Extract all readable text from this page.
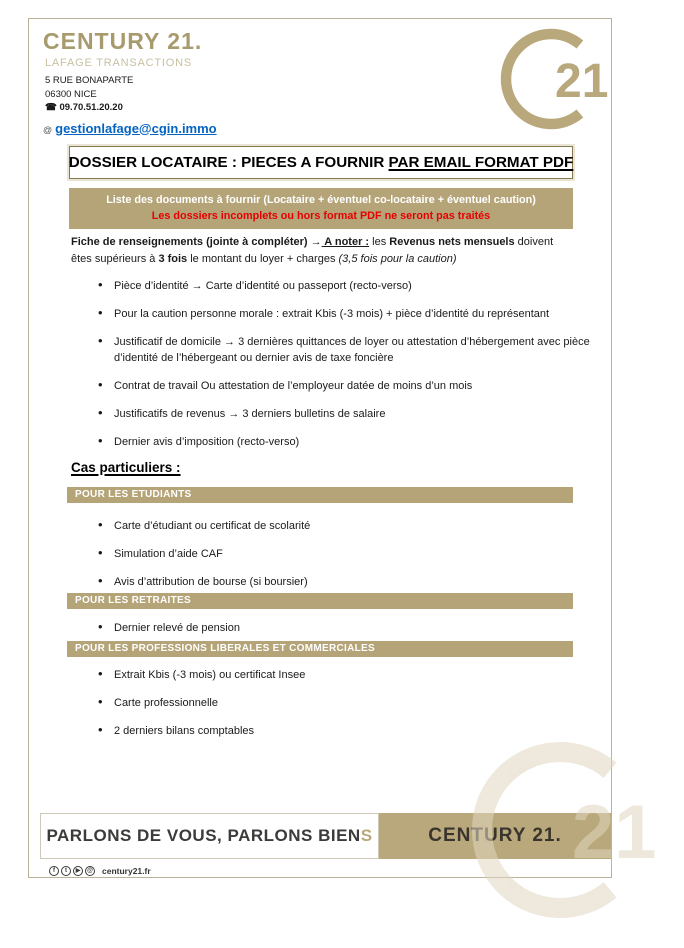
CENTURY 21.
LAFAGE TRANSACTIONS
5 RUE BONAPARTE
06300 NICE
☎ 09.70.51.20.20
@ gestionlafage@cgin.immo
21
DOSSIER LOCATAIRE : PIECES A FOURNIR PAR EMAIL FORMAT PDF
Liste des documents à fournir (Locataire + éventuel co-locataire + éventuel caution)
Les dossiers incomplets ou hors format PDF ne seront pas traités
Fiche de renseignements (jointe à compléter) → A noter : les Revenus nets mensuels doivent êtes supérieurs à 3 fois le montant du loyer + charges (3,5 fois pour la caution)
• Pièce d’identité → Carte d’identité ou passeport (recto-verso)
• Pour la caution personne morale : extrait Kbis (-3 mois) + pièce d’identité du représentant
• Justificatif de domicile → 3 dernières quittances de loyer ou attestation d’hébergement avec pièce d’identité de l’hébergeant ou dernier avis de taxe foncière
• Contrat de travail Ou attestation de l’employeur datée de moins d’un mois
• Justificatifs de revenus → 3 derniers bulletins de salaire
• Dernier avis d’imposition (recto-verso)
Cas particuliers :
POUR LES ETUDIANTS
• Carte d’étudiant ou certificat de scolarité
• Simulation d’aide CAF
• Avis d’attribution de bourse (si boursier)
POUR LES RETRAITES
• Dernier relevé de pension
POUR LES PROFESSIONS LIBERALES ET COMMERCIALES
• Extrait Kbis (-3 mois) ou certificat Insee
• Carte professionnelle
• 2 derniers bilans comptables
PARLONS DE VOUS, PARLONS BIENS	CENTURY 21.
f	t	▶	@ century21.fr	21
